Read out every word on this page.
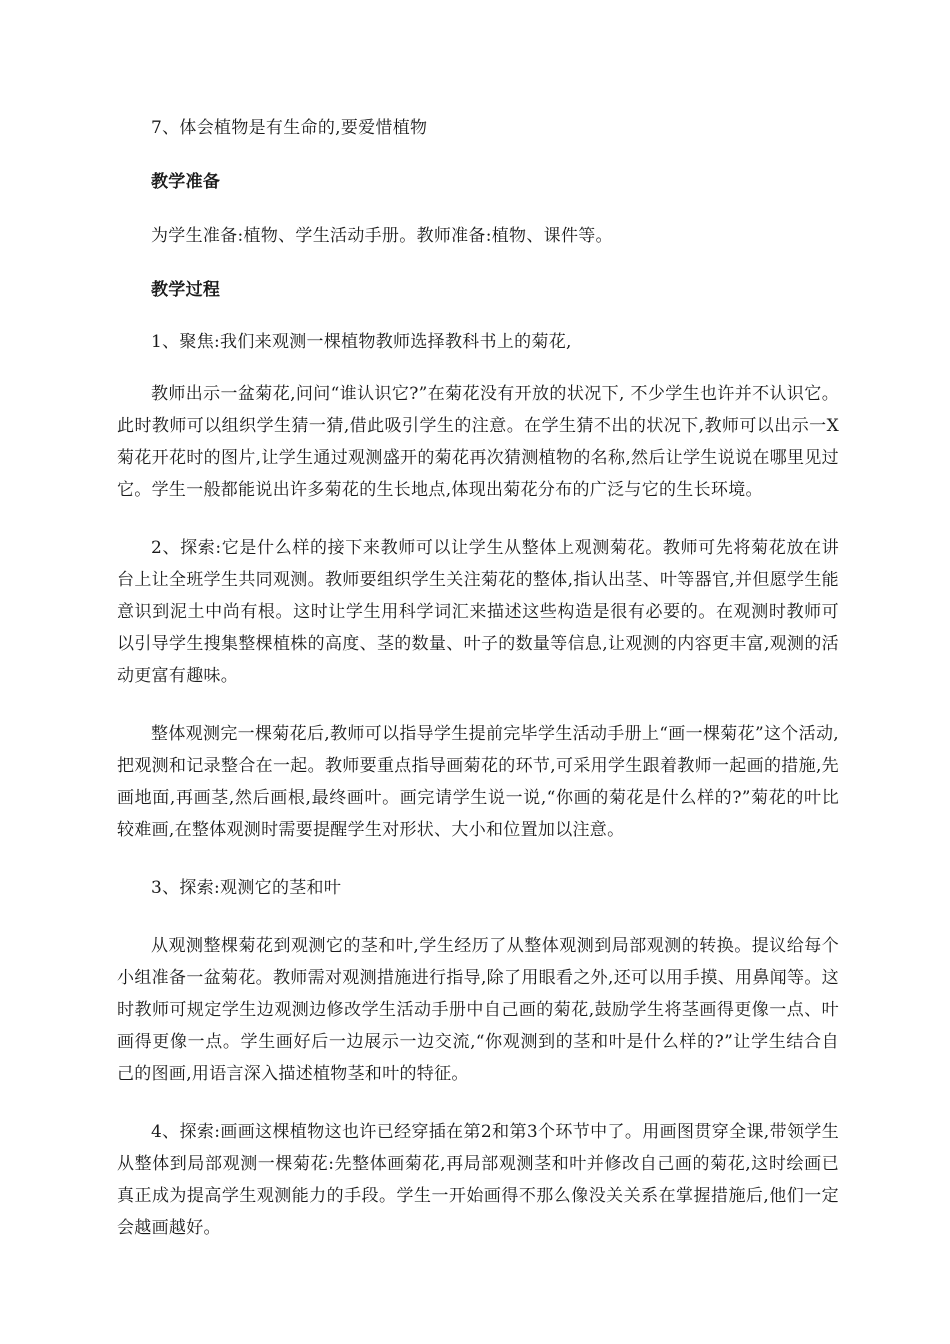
7、体会植物是有生命的,要爱惜植物

教学准备

为学生准备:植物、学生活动手册。教师准备:植物、课件等。

教学过程

1、聚焦:我们来观测一棵植物教师选择教科书上的菊花,

教师出示一盆菊花,问问“谁认识它?”在菊花没有开放的状况下, 不少学生也许并不认识它。此时教师可以组织学生猜一猜,借此吸引学生的注意。在学生猜不出的状况下,教师可以出示一X菊花开花时的图片,让学生通过观测盛开的菊花再次猜测植物的名称,然后让学生说说在哪里见过它。学生一般都能说出许多菊花的生长地点,体现出菊花分布的广泛与它的生长环境。

2、探索:它是什么样的接下来教师可以让学生从整体上观测菊花。教师可先将菊花放在讲台上让全班学生共同观测。教师要组织学生关注菊花的整体,指认出茎、叶等器官,并但愿学生能意识到泥土中尚有根。这时让学生用科学词汇来描述这些构造是很有必要的。在观测时教师可以引导学生搜集整棵植株的高度、茎的数量、叶子的数量等信息,让观测的内容更丰富,观测的活动更富有趣味。

整体观测完一棵菊花后,教师可以指导学生提前完毕学生活动手册上“画一棵菊花”这个活动,把观测和记录整合在一起。教师要重点指导画菊花的环节,可采用学生跟着教师一起画的措施,先画地面,再画茎,然后画根,最终画叶。画完请学生说一说,“你画的菊花是什么样的?”菊花的叶比较难画,在整体观测时需要提醒学生对形状、大小和位置加以注意。

3、探索:观测它的茎和叶

从观测整棵菊花到观测它的茎和叶,学生经历了从整体观测到局部观测的转换。提议给每个小组准备一盆菊花。教师需对观测措施进行指导,除了用眼看之外,还可以用手摸、用鼻闻等。这时教师可规定学生边观测边修改学生活动手册中自己画的菊花,鼓励学生将茎画得更像一点、叶画得更像一点。学生画好后一边展示一边交流,“你观测到的茎和叶是什么样的?”让学生结合自己的图画,用语言深入描述植物茎和叶的特征。

4、探索:画画这棵植物这也许已经穿插在第2和第3个环节中了。用画图贯穿全课,带领学生从整体到局部观测一棵菊花:先整体画菊花,再局部观测茎和叶并修改自己画的菊花,这时绘画已真正成为提高学生观测能力的手段。学生一开始画得不那么像没关关系在掌握措施后,他们一定会越画越好。
